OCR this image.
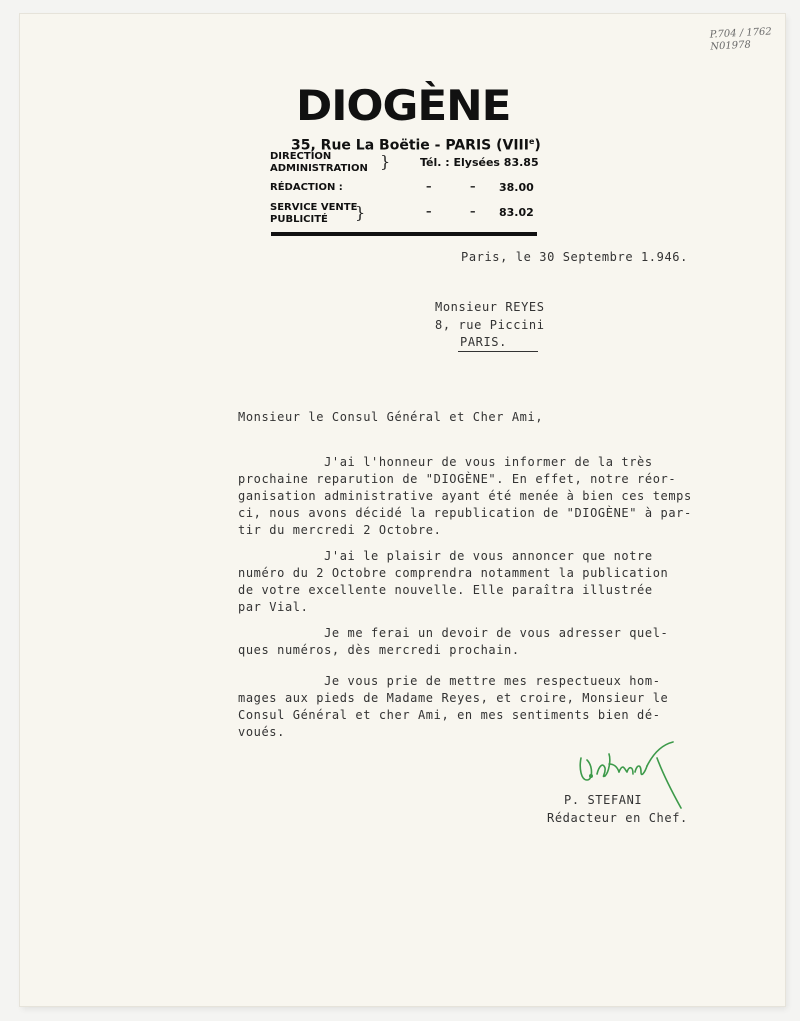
P.704 / 1762
N01978
DIOGÈNE
35, Rue La Boëtie - PARIS (VIIIe)
DIRECTION
ADMINISTRATION }	Tél. : Elysées 83.85
RÉDACTION :	–	– 38.00
SERVICE VENTE
PUBLICITÉ	}	–	– 83.02
Paris, le 30 Septembre 1.946.
Monsieur REYES
8, rue Piccini
PARIS.
Monsieur le Consul Général et Cher Ami,
J'ai l'honneur de vous informer de la très
prochaine reparution de "DIOGÈNE". En effet, notre réor-
ganisation administrative ayant été menée à bien ces temps
ci, nous avons décidé la republication de "DIOGÈNE" à par-
tir du mercredi 2 Octobre.
J'ai le plaisir de vous annoncer que notre
numéro du 2 Octobre comprendra notamment la publication
de votre excellente nouvelle. Elle paraîtra illustrée
par Vial.
Je me ferai un devoir de vous adresser quel-
ques numéros, dès mercredi prochain.
Je vous prie de mettre mes respectueux hom-
mages aux pieds de Madame Reyes, et croire, Monsieur le
Consul Général et cher Ami, en mes sentiments bien dé-
voués.
P. STEFANI
Rédacteur en Chef.
